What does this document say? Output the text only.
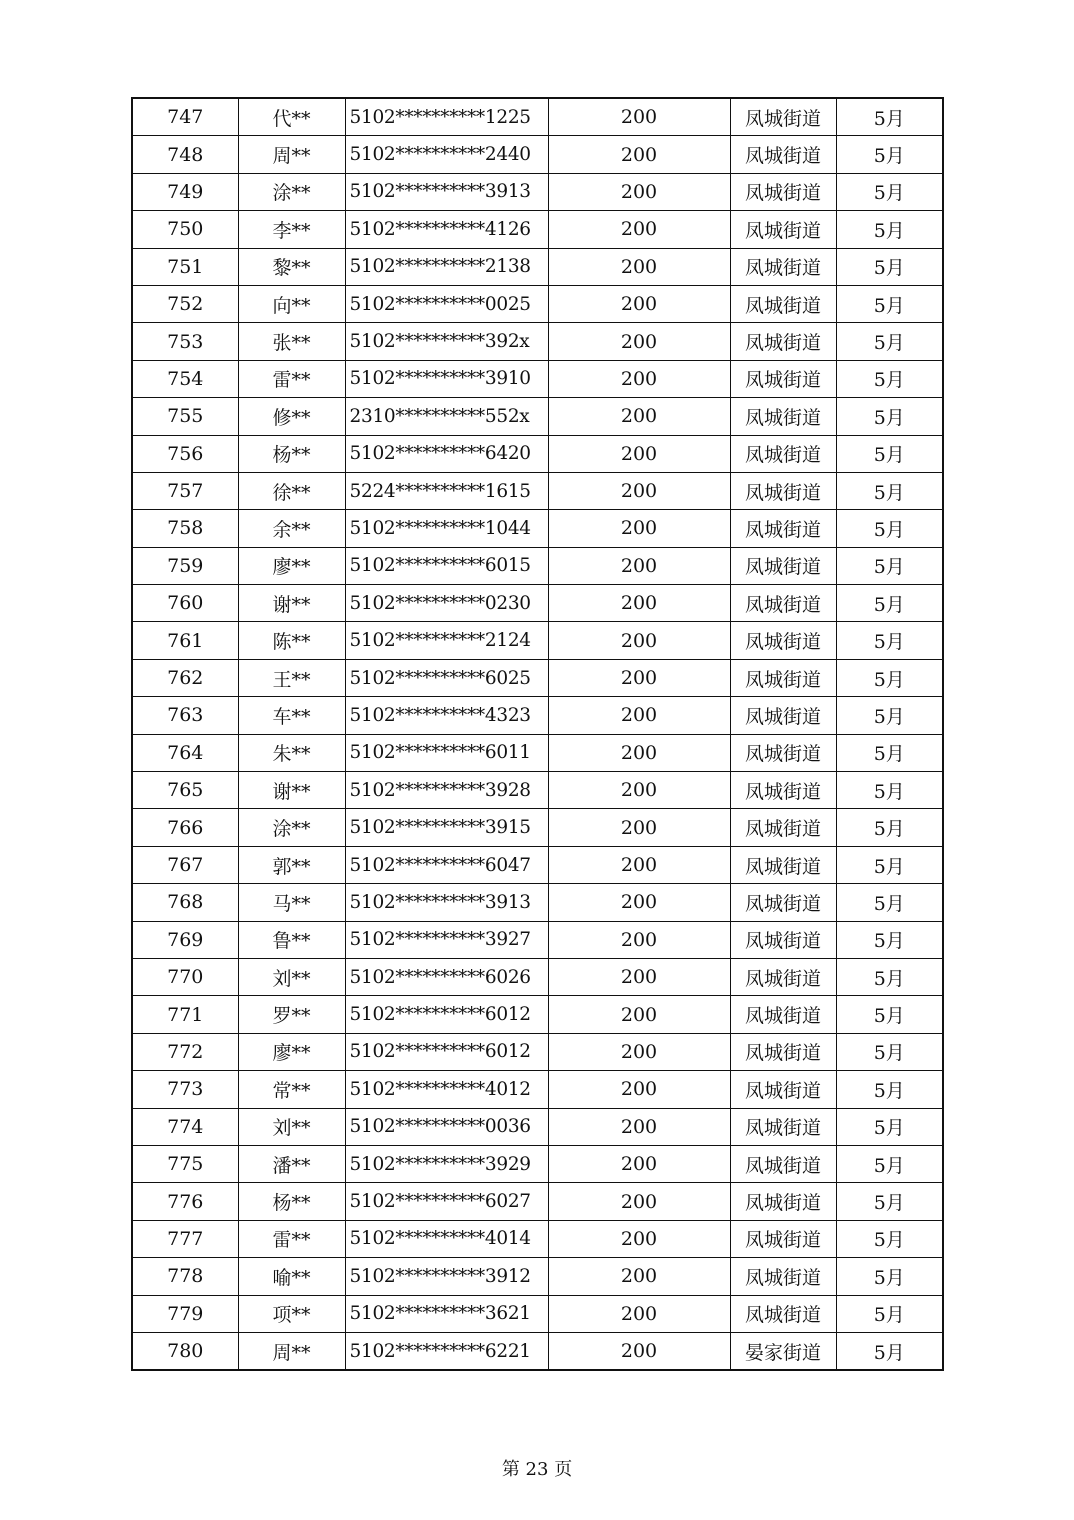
747	代**	5102**********1225	200	凤城街道	5月
748	周**	5102**********2440	200	凤城街道	5月
749	涂**	5102**********3913	200	凤城街道	5月
750	李**	5102**********4126	200	凤城街道	5月
751	黎**	5102**********2138	200	凤城街道	5月
752	向**	5102**********0025	200	凤城街道	5月
753	张**	5102**********392x	200	凤城街道	5月
754	雷**	5102**********3910	200	凤城街道	5月
755	修**	2310**********552x	200	凤城街道	5月
756	杨**	5102**********6420	200	凤城街道	5月
757	徐**	5224**********1615	200	凤城街道	5月
758	余**	5102**********1044	200	凤城街道	5月
759	廖**	5102**********6015	200	凤城街道	5月
760	谢**	5102**********0230	200	凤城街道	5月
761	陈**	5102**********2124	200	凤城街道	5月
762	王**	5102**********6025	200	凤城街道	5月
763	车**	5102**********4323	200	凤城街道	5月
764	朱**	5102**********6011	200	凤城街道	5月
765	谢**	5102**********3928	200	凤城街道	5月
766	涂**	5102**********3915	200	凤城街道	5月
767	郭**	5102**********6047	200	凤城街道	5月
768	马**	5102**********3913	200	凤城街道	5月
769	鲁**	5102**********3927	200	凤城街道	5月
770	刘**	5102**********6026	200	凤城街道	5月
771	罗**	5102**********6012	200	凤城街道	5月
772	廖**	5102**********6012	200	凤城街道	5月
773	常**	5102**********4012	200	凤城街道	5月
774	刘**	5102**********0036	200	凤城街道	5月
775	潘**	5102**********3929	200	凤城街道	5月
776	杨**	5102**********6027	200	凤城街道	5月
777	雷**	5102**********4014	200	凤城街道	5月
778	喻**	5102**********3912	200	凤城街道	5月
779	项**	5102**********3621	200	凤城街道	5月
780	周**	5102**********6221	200	晏家街道	5月
第 23 页
